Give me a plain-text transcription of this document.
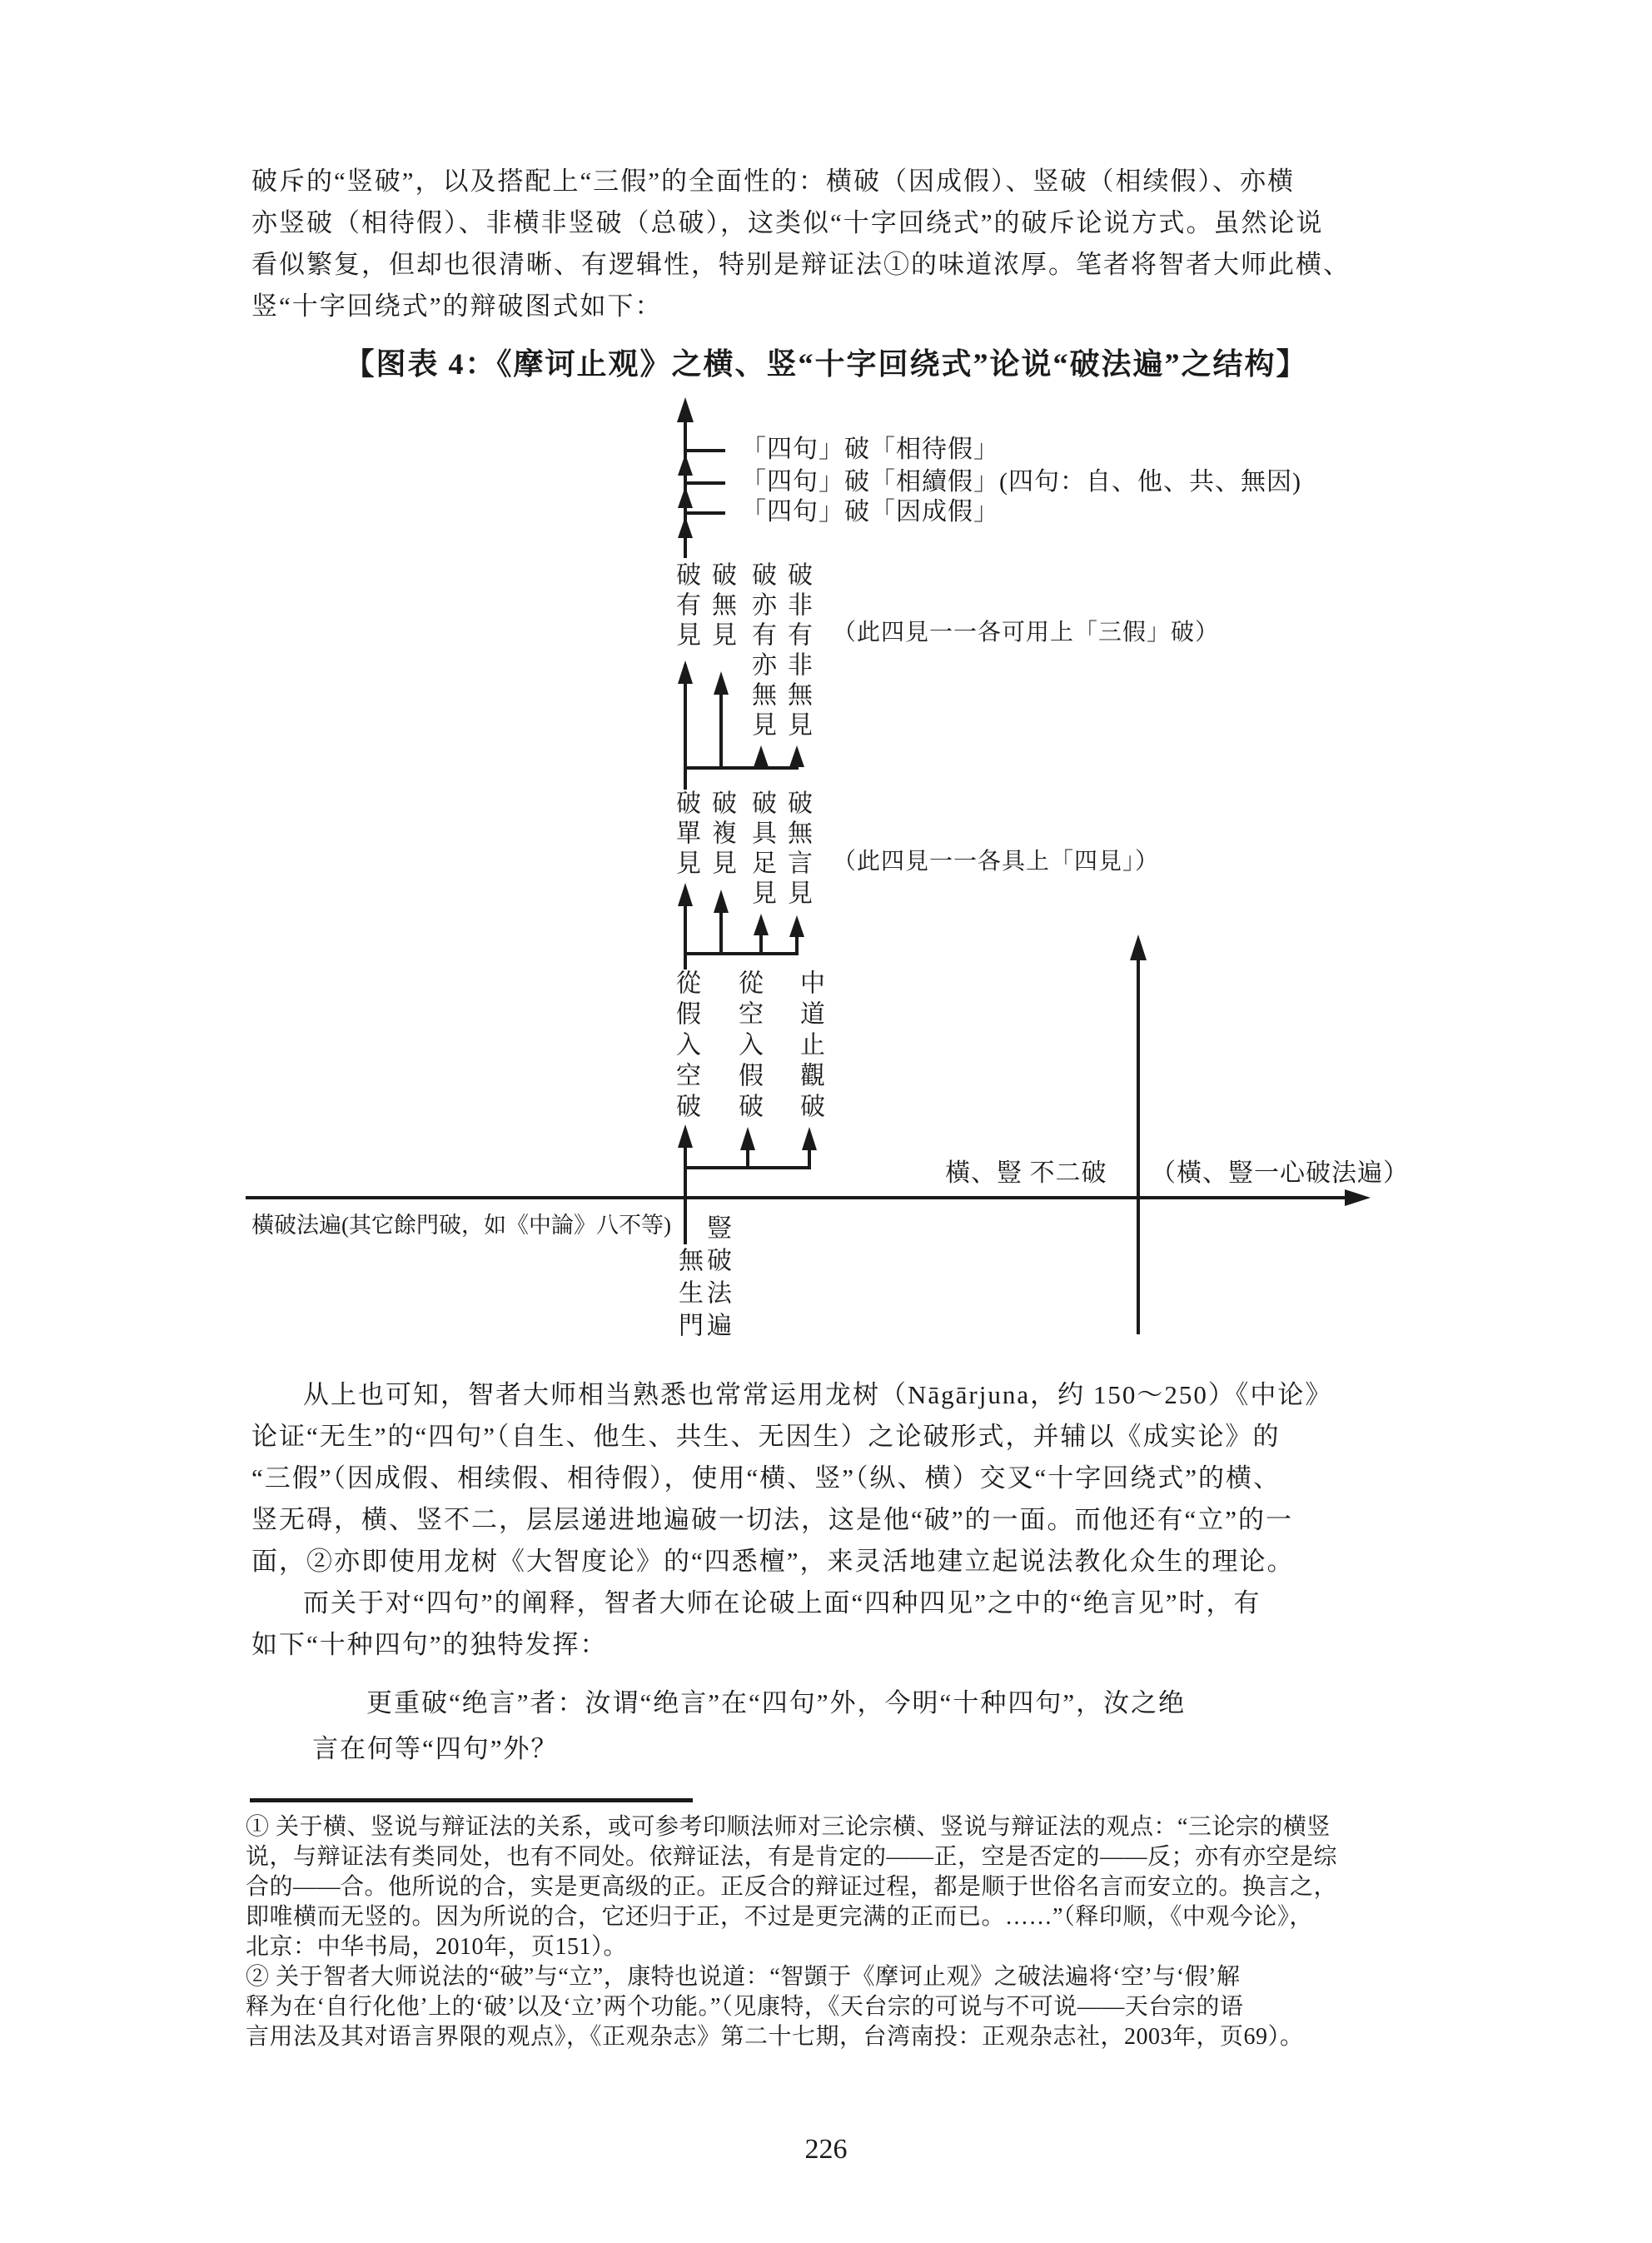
破斥的“竖破”，以及搭配上“三假”的全面性的：横破（因成假）、竖破（相续假）、亦横
亦竖破（相待假）、非横非竖破（总破），这类似“十字回绕式”的破斥论说方式。虽然论说
看似繁复，但却也很清晰、有逻辑性，特别是辩证法①的味道浓厚。笔者将智者大师此横、
竖“十字回绕式”的辩破图式如下：
【图表 4：《摩诃止观》之横、竖“十字回绕式”论说“破法遍”之结构】
「四句」破「相待假」
「四句」破「相續假」(四句：自、他、共、無因)
「四句」破「因成假」
破有見 破無見 破亦有亦無見 破非有非無見 （此四見一一各可用上「三假」破）
破單見 破複見 破具足見 破無言見 （此四見一一各具上「四見」）
從假入空破 從空入假破 中道止觀破
橫、豎 不二破 （橫、豎一心破法遍）
橫破法遍(其它餘門破，如《中論》八不等) 豎破法遍
無生門
从上也可知，智者大师相当熟悉也常常运用龙树（Nāgārjuna，约 150～250）《中论》
论证“无生”的“四句”（自生、他生、共生、无因生）之论破形式，并辅以《成实论》的
“三假”（因成假、相续假、相待假），使用“横、竖”（纵、横）交叉“十字回绕式”的横、
竖无碍，横、竖不二，层层递进地遍破一切法，这是他“破”的一面。而他还有“立”的一
面，②亦即使用龙树《大智度论》的“四悉檀”，来灵活地建立起说法教化众生的理论。
而关于对“四句”的阐释，智者大师在论破上面“四种四见”之中的“绝言见”时，有
如下“十种四句”的独特发挥：
更重破“绝言”者：汝谓“绝言”在“四句”外，今明“十种四句”，汝之绝
言在何等“四句”外？
① 关于横、竖说与辩证法的关系，或可参考印顺法师对三论宗横、竖说与辩证法的观点：“三论宗的横竖
说，与辩证法有类同处，也有不同处。依辩证法，有是肯定的——正，空是否定的——反；亦有亦空是综
合的——合。他所说的合，实是更高级的正。正反合的辩证过程，都是顺于世俗名言而安立的。换言之，
即唯横而无竖的。因为所说的合，它还归于正，不过是更完满的正而已。……”（释印顺，《中观今论》，
北京：中华书局，2010年，页151）。
② 关于智者大师说法的“破”与“立”，康特也说道：“智顗于《摩诃止观》之破法遍将‘空’与‘假’解
释为在‘自行化他’上的‘破’以及‘立’两个功能。”（见康特，《天台宗的可说与不可说——天台宗的语
言用法及其对语言界限的观点》，《正观杂志》第二十七期，台湾南投：正观杂志社，2003年，页69）。
226
